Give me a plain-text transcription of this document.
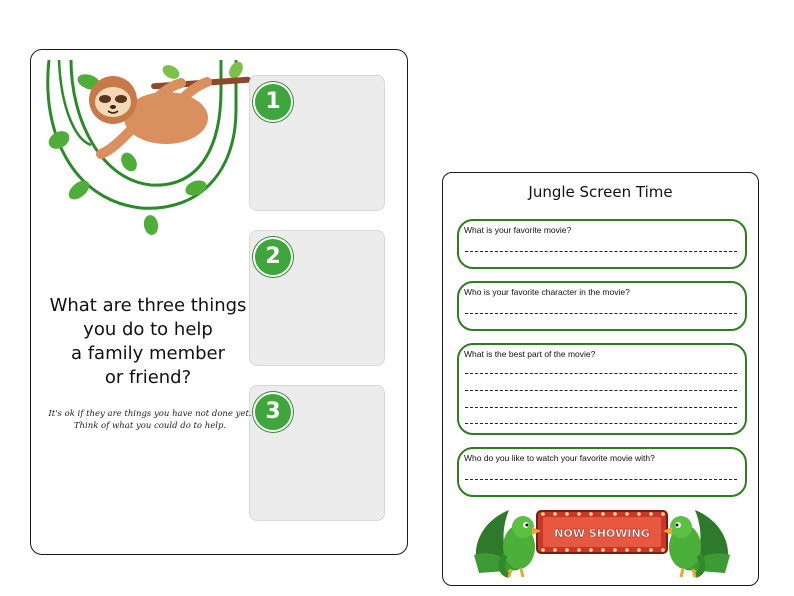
1
2
3
What are three things
you do to help
a family member
or friend?
It's ok if they are things you have not done yet.
Think of what you could do to help.
Jungle Screen Time
What is your favorite movie?
Who is your favorite character in the movie?
What is the best part of the movie?
Who do you like to watch your favorite movie with?
NOW SHOWING
